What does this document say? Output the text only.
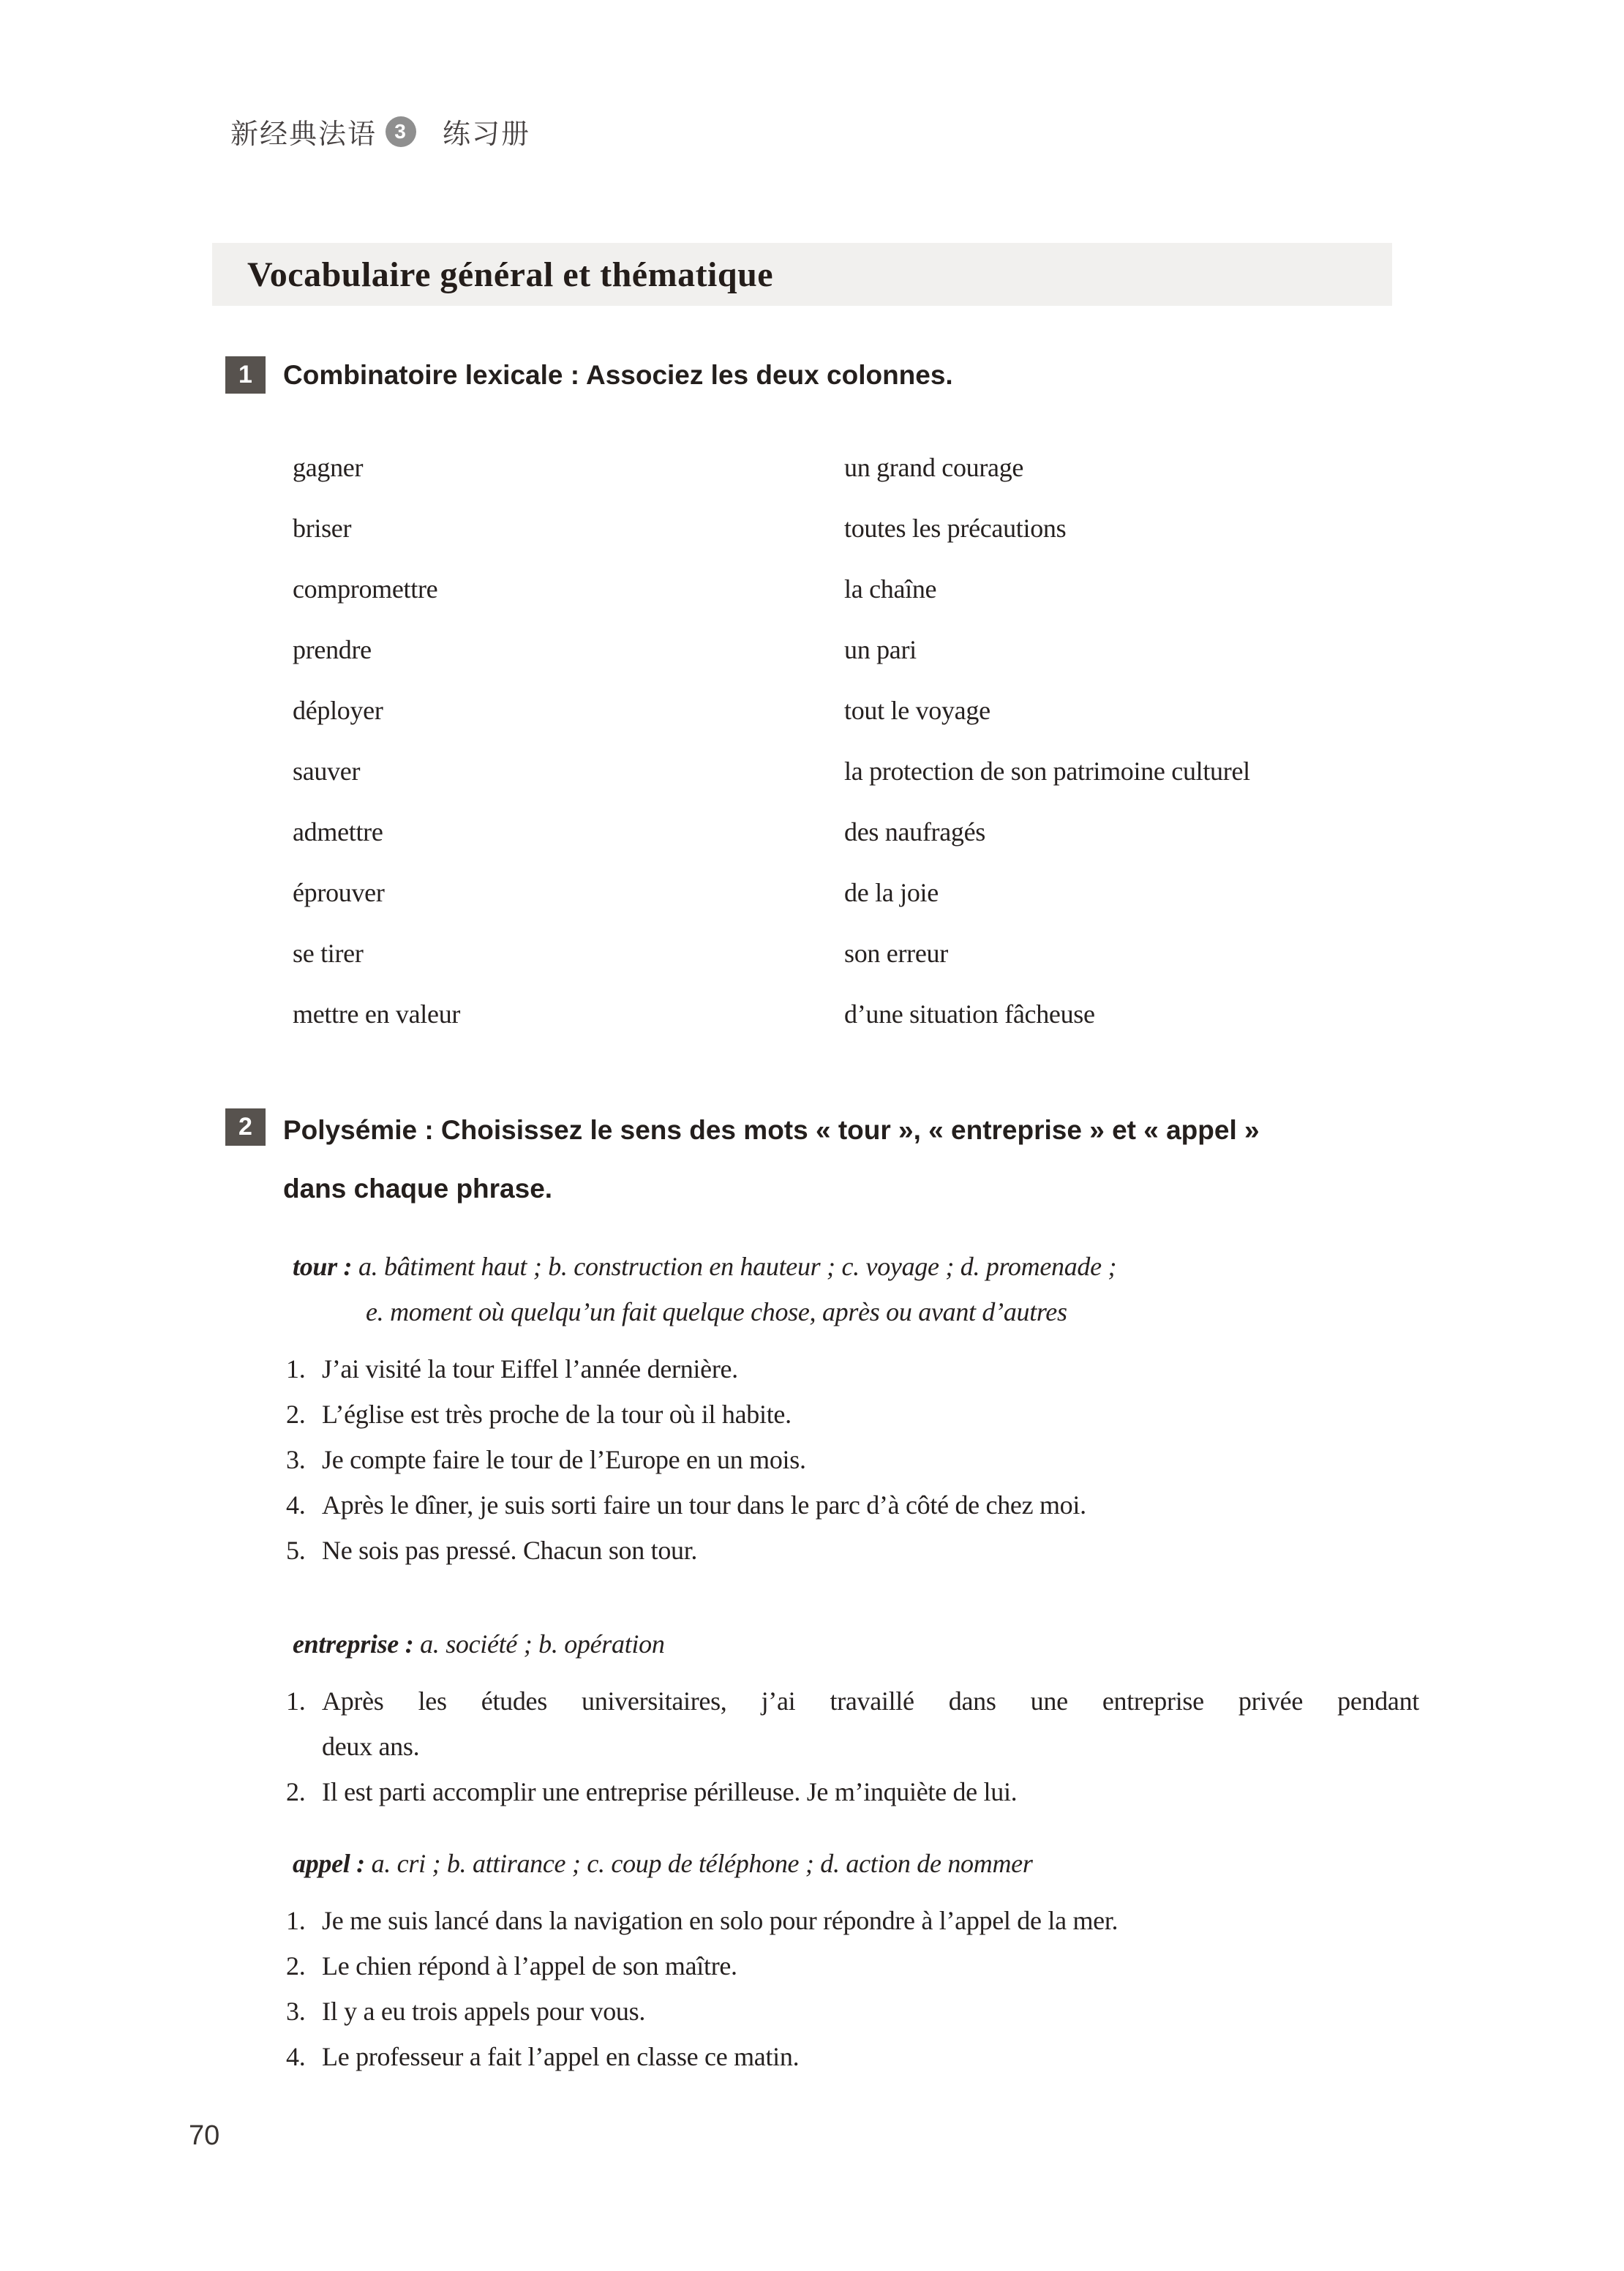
新经典法语 3	练习册
Vocabulaire général et thématique
1	Combinatoire lexicale : Associez les deux colonnes.
gagner	un grand courage
briser	toutes les précautions
compromettre	la chaîne
prendre	un pari
déployer	tout le voyage
sauver	la protection de son patrimoine culturel
admettre	des naufragés
éprouver	de la joie
se tirer	son erreur
mettre en valeur	d’une situation fâcheuse
2	Polysémie : Choisissez le sens des mots « tour », « entreprise » et « appel »
dans chaque phrase.
tour : a. bâtiment haut ; b. construction en hauteur ; c. voyage ; d. promenade ;
e. moment où quelqu’un fait quelque chose, après ou avant d’autres
1. J’ai visité la tour Eiffel l’année dernière.
2. L’église est très proche de la tour où il habite.
3. Je compte faire le tour de l’Europe en un mois.
4. Après le dîner, je suis sorti faire un tour dans le parc d’à côté de chez moi.
5. Ne sois pas pressé. Chacun son tour.
entreprise : a. société ; b. opération
1. Après les études universitaires, j’ai travaillé dans une entreprise privée pendant
deux ans.
2. Il est parti accomplir une entreprise périlleuse. Je m’inquiète de lui.
appel : a. cri ; b. attirance ; c. coup de téléphone ; d. action de nommer
1. Je me suis lancé dans la navigation en solo pour répondre à l’appel de la mer.
2. Le chien répond à l’appel de son maître.
3. Il y a eu trois appels pour vous.
4. Le professeur a fait l’appel en classe ce matin.
70
